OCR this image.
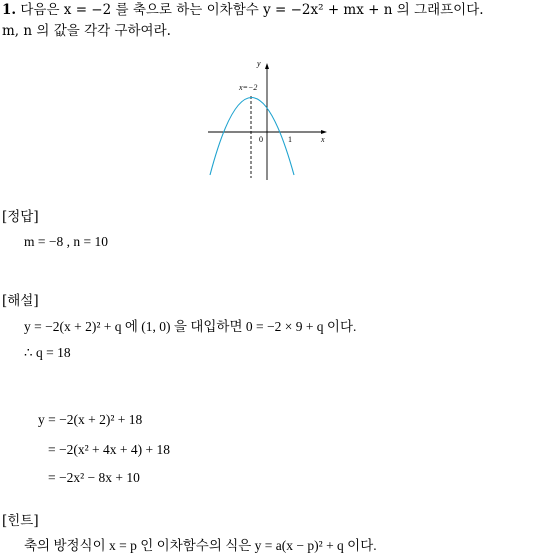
1. 다음은 x = −2 를 축으로 하는 이차함수 y = −2x² + mx + n 의 그래프이다.
m, n 의 값을 각각 구하여라.
y
x
0
x=−2
1
[정답]
m = −8 , n = 10
[해설]
y = −2(x + 2)² + q 에 (1, 0) 을 대입하면 0 = −2 × 9 + q 이다.
∴ q = 18
y = −2(x + 2)² + 18
= −2(x² + 4x + 4) + 18
= −2x² − 8x + 10
[힌트]
축의 방정식이 x = p 인 이차함수의 식은 y = a(x − p)² + q 이다.
